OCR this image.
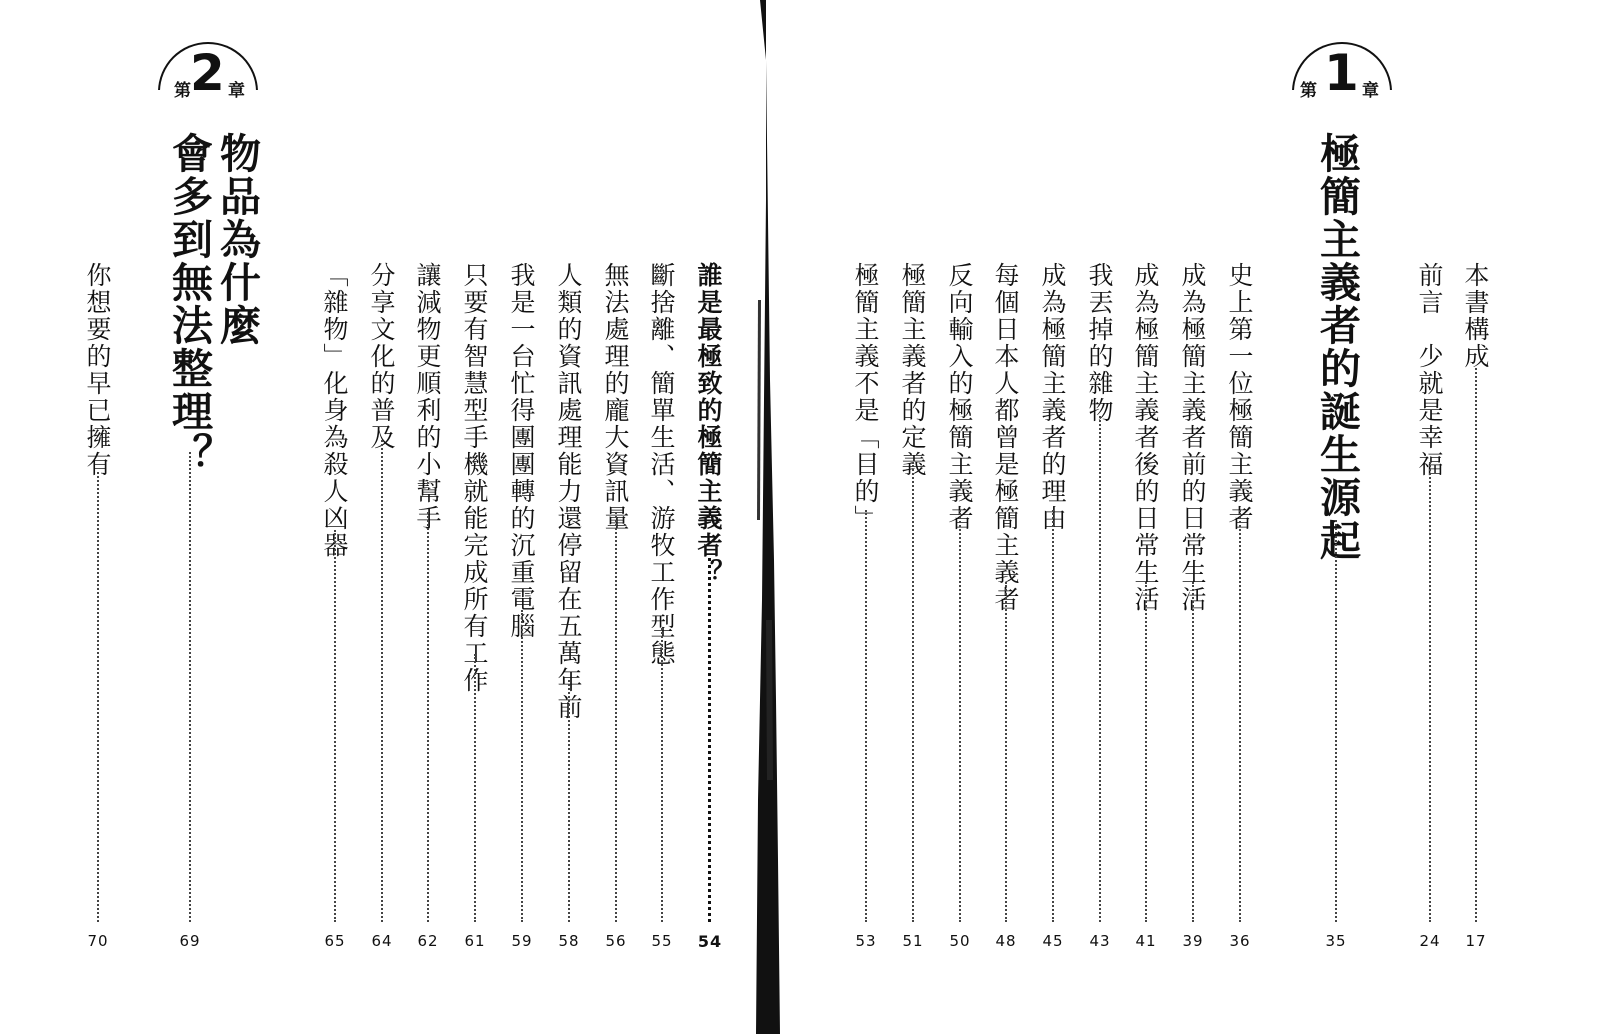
第 2 章
物品為什麼
會多到無法整理？
69
你想要的早已擁有
70
誰是最極致的極簡主義者？
54
斷捨離、簡單生活、游牧工作型態
55
無法處理的龐大資訊量
56
人類的資訊處理能力還停留在五萬年前
58
我是一台忙得團團轉的沉重電腦
59
只要有智慧型手機就能完成所有工作
61
讓減物更順利的小幫手
62
分享文化的普及
64
「雜物」化身為殺人凶器
65
本書構成
17
前言　少就是幸福
24
第 1 章
極簡主義者的誕生源起
35
史上第一位極簡主義者
36
成為極簡主義者前的日常生活
39
成為極簡主義者後的日常生活
41
我丟掉的雜物
43
成為極簡主義者的理由
45
每個日本人都曾是極簡主義者
48
反向輸入的極簡主義者
50
極簡主義者的定義
51
極簡主義不是「目的」
53
